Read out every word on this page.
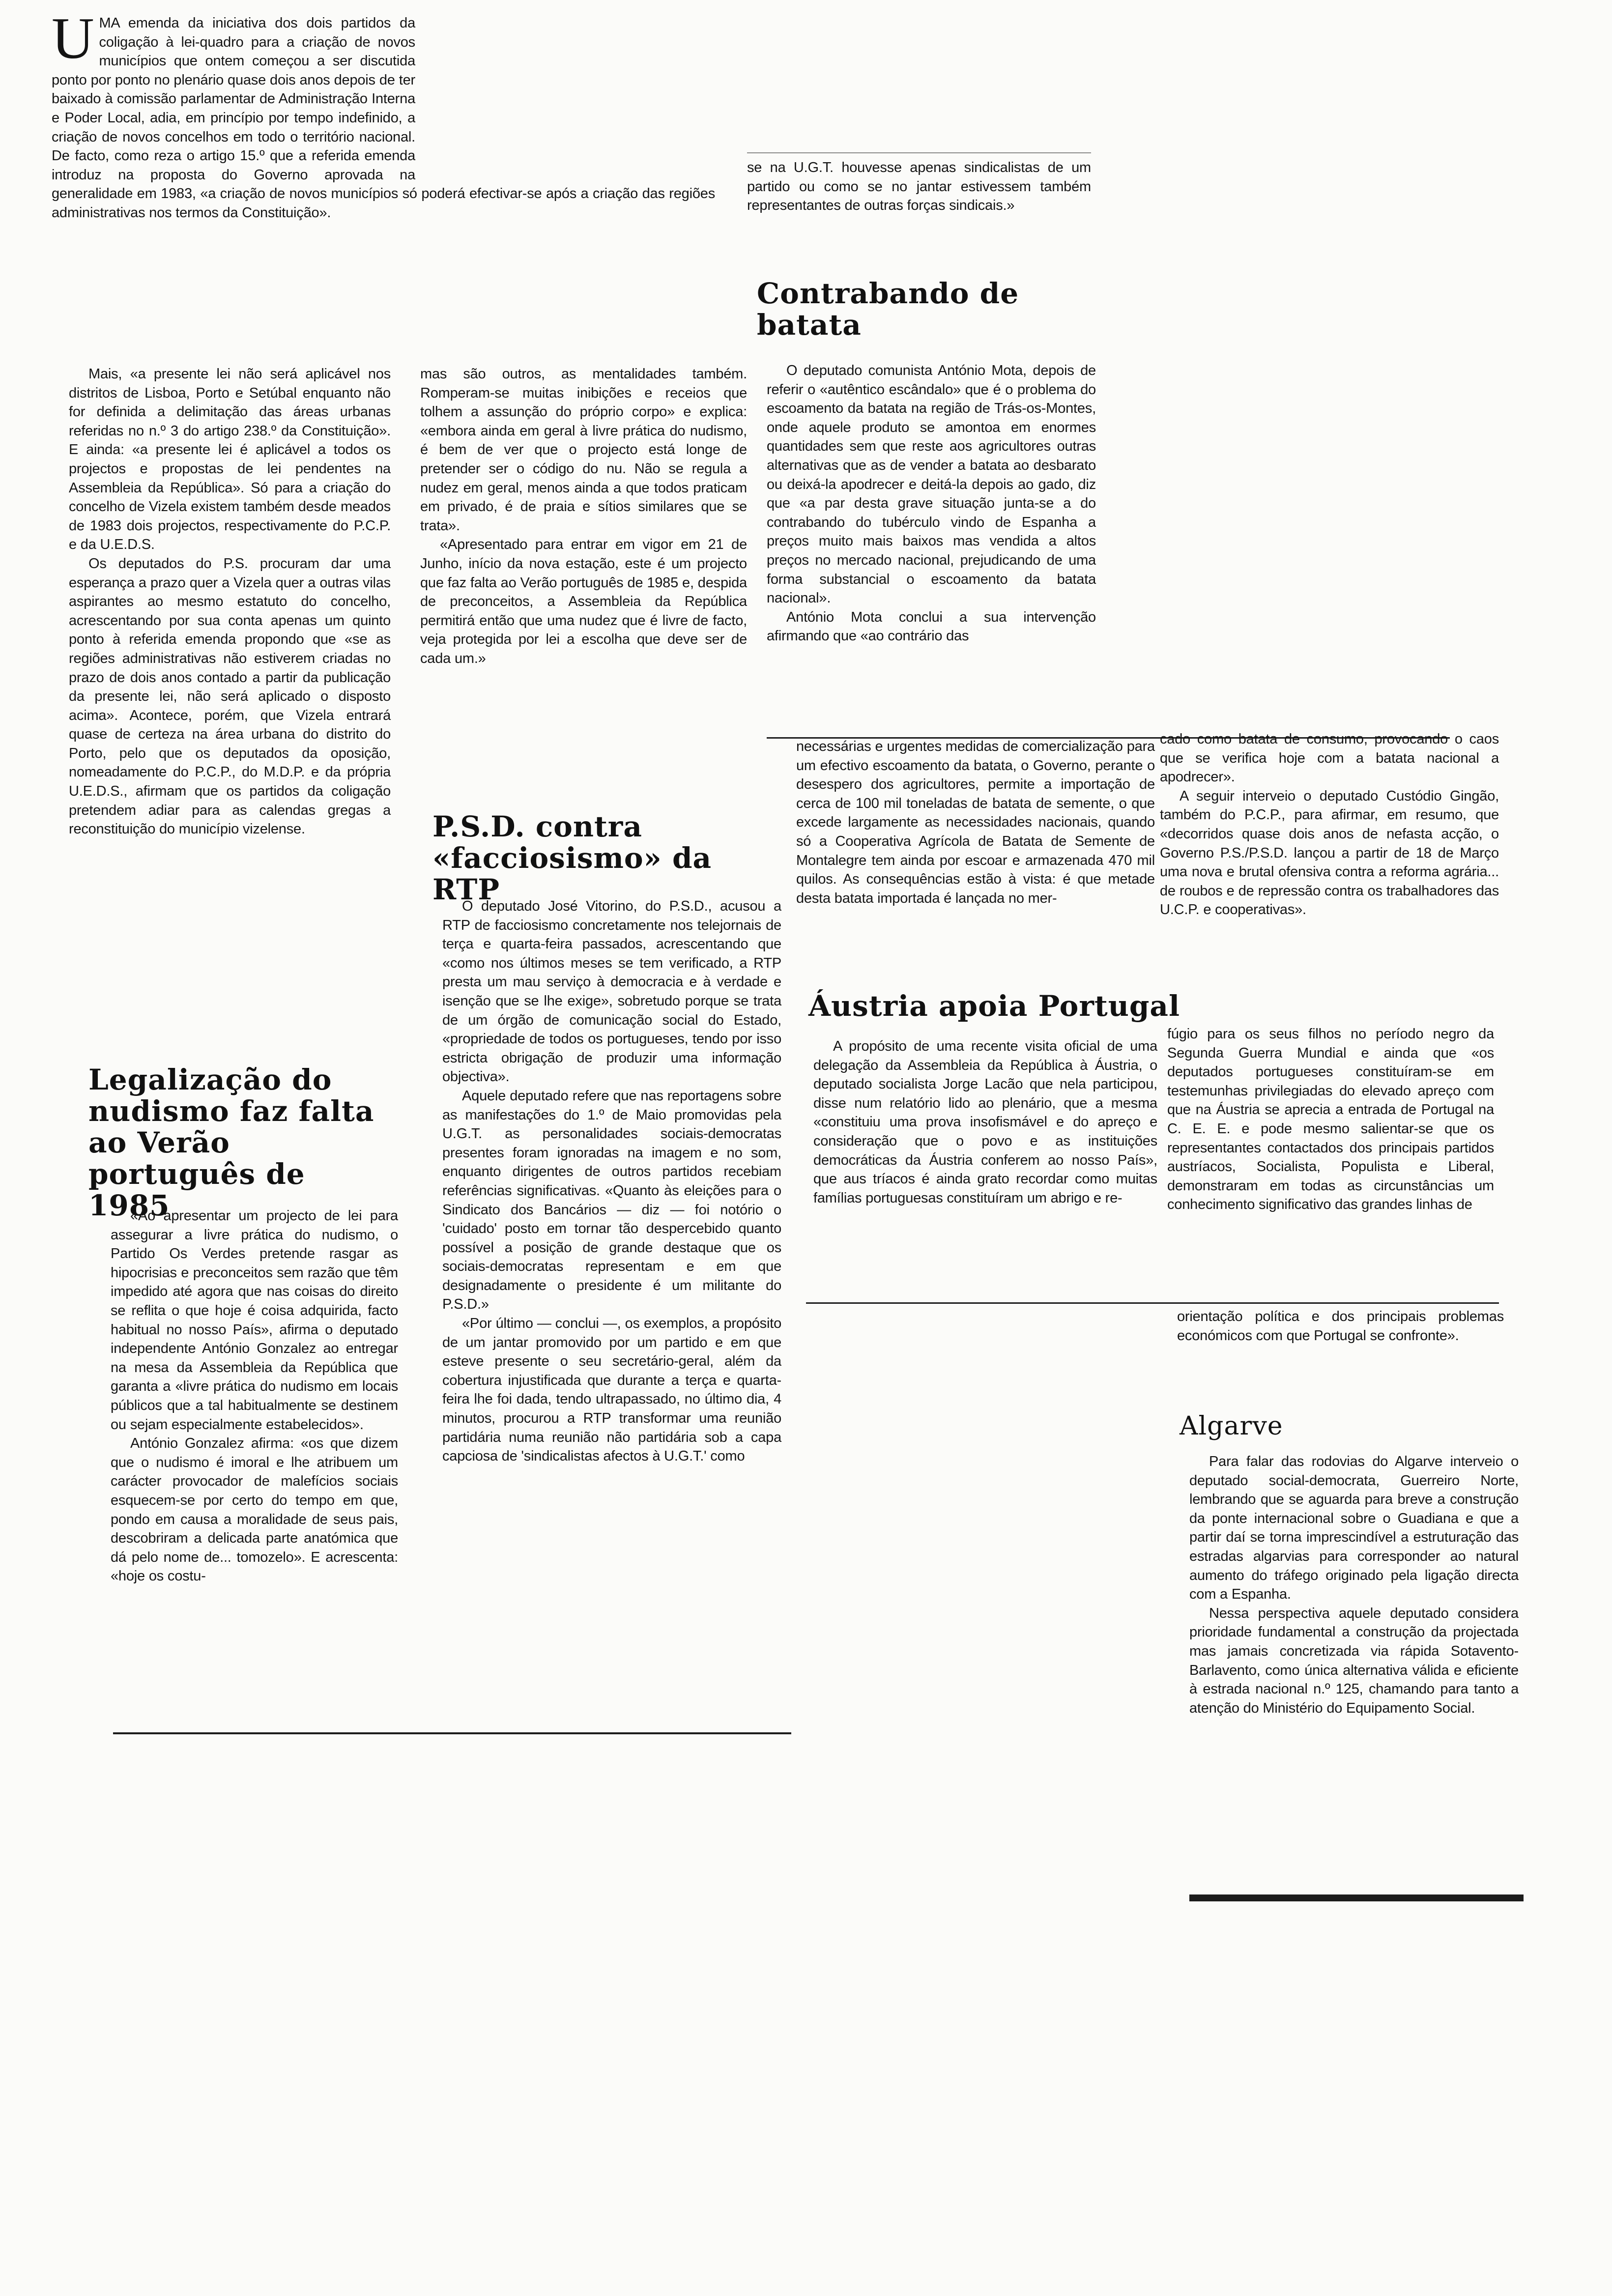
U MA emenda da iniciativa dos dois partidos da coligação à lei-quadro para a criação de novos municípios que ontem começou a ser discutida ponto por ponto no plenário quase dois anos depois de ter baixado à comissão parlamentar de Administração Interna e Poder Local, adia, em princípio por tempo indefinido, a criação de novos concelhos em todo o território nacional. De facto, como reza o artigo 15.º que a referida emenda introduz na proposta do Governo aprovada na generalidade em 1983, «a criação de novos municípios só poderá efectivar-se após a criação das regiões administrativas nos termos da Constituição».

Mais, «a presente lei não será aplicável nos distritos de Lisboa, Porto e Setúbal enquanto não for definida a delimitação das áreas urbanas referidas no n.º 3 do artigo 238.º da Constituição». E ainda: «a presente lei é aplicável a todos os projectos e propostas de lei pendentes na Assembleia da República». Só para a criação do concelho de Vizela existem também desde meados de 1983 dois projectos, respectivamente do P.C.P. e da U.E.D.S.

Os deputados do P.S. procuram dar uma esperança a prazo quer a Vizela quer a outras vilas aspirantes ao mesmo estatuto do concelho, acrescentando por sua conta apenas um quinto ponto à referida emenda propondo que «se as regiões administrativas não estiverem criadas no prazo de dois anos contado a partir da publicação da presente lei, não será aplicado o disposto acima». Acontece, porém, que Vizela entrará quase de certeza na área urbana do distrito do Porto, pelo que os deputados da oposição, nomeadamente do P.C.P., do M.D.P. e da própria U.E.D.S., afirmam que os partidos da coligação pretendem adiar para as calendas gregas a reconstituição do município vizelense.

Legalização do nudismo faz falta ao Verão português de 1985

«Ao apresentar um projecto de lei para assegurar a livre prática do nudismo, o Partido Os Verdes pretende rasgar as hipocrisias e preconceitos sem razão que têm impedido até agora que nas coisas do direito se reflita o que hoje é coisa adquirida, facto habitual no nosso País», afirma o deputado independente António Gonzalez ao entregar na mesa da Assembleia da República que garanta a «livre prática do nudismo em locais públicos que a tal habitualmente se destinem ou sejam especialmente estabelecidos».

António Gonzalez afirma: «os que dizem que o nudismo é imoral e lhe atribuem um carácter provocador de malefícios sociais esquecem-se por certo do tempo em que, pondo em causa a moralidade de seus pais, descobriram a delicada parte anatómica que dá pelo nome de... tomozelo». E acrescenta: «hoje os costu-

mas são outros, as mentalidades também. Romperam-se muitas inibições e receios que tolhem a assunção do próprio corpo» e explica: «embora ainda em geral à livre prática do nudismo, é bem de ver que o projecto está longe de pretender ser o código do nu. Não se regula a nudez em geral, menos ainda a que todos praticam em privado, é de praia e sítios similares que se trata».

«Apresentado para entrar em vigor em 21 de Junho, início da nova estação, este é um projecto que faz falta ao Verão português de 1985 e, despida de preconceitos, a Assembleia da República permitirá então que uma nudez que é livre de facto, veja protegida por lei a escolha que deve ser de cada um.»

P.S.D. contra «facciosismo» da RTP

O deputado José Vitorino, do P.S.D., acusou a RTP de facciosismo concretamente nos telejornais de terça e quarta-feira passados, acrescentando que «como nos últimos meses se tem verificado, a RTP presta um mau serviço à democracia e à verdade e isenção que se lhe exige», sobretudo porque se trata de um órgão de comunicação social do Estado, «propriedade de todos os portugueses, tendo por isso estricta obrigação de produzir uma informação objectiva».

Aquele deputado refere que nas reportagens sobre as manifestações do 1.º de Maio promovidas pela U.G.T. as personalidades sociais-democratas presentes foram ignoradas na imagem e no som, enquanto dirigentes de outros partidos recebiam referências significativas. «Quanto às eleições para o Sindicato dos Bancários — diz — foi notório o 'cuidado' posto em tornar tão despercebido quanto possível a posição de grande destaque que os sociais-democratas representam e em que designadamente o presidente é um militante do P.S.D.»

«Por último — conclui —, os exemplos, a propósito de um jantar promovido por um partido e em que esteve presente o seu secretário-geral, além da cobertura injustificada que durante a terça e quarta-feira lhe foi dada, tendo ultrapassado, no último dia, 4 minutos, procurou a RTP transformar uma reunião partidária numa reunião não partidária sob a capa capciosa de 'sindicalistas afectos à U.G.T.' como

se na U.G.T. houvesse apenas sindicalistas de um partido ou como se no jantar estivessem também representantes de outras forças sindicais.»

Contrabando de batata

O deputado comunista António Mota, depois de referir o «autêntico escândalo» que é o problema do escoamento da batata na região de Trás-os-Montes, onde aquele produto se amontoa em enormes quantidades sem que reste aos agricultores outras alternativas que as de vender a batata ao desbarato ou deixá-la apodrecer e deitá-la depois ao gado, diz que «a par desta grave situação junta-se a do contrabando do tubérculo vindo de Espanha a preços muito mais baixos mas vendida a altos preços no mercado nacional, prejudicando de uma forma substancial o escoamento da batata nacional».

António Mota conclui a sua intervenção afirmando que «ao contrário das

necessárias e urgentes medidas de comercialização para um efectivo escoamento da batata, o Governo, perante o desespero dos agricultores, permite a importação de cerca de 100 mil toneladas de batata de semente, o que excede largamente as necessidades nacionais, quando só a Cooperativa Agrícola de Batata de Semente de Montalegre tem ainda por escoar e armazenada 470 mil quilos. As consequências estão à vista: é que metade desta batata importada é lançada no mer-

cado como batata de consumo, provocando o caos que se verifica hoje com a batata nacional a apodrecer».

A seguir interveio o deputado Custódio Gingão, também do P.C.P., para afirmar, em resumo, que «decorridos quase dois anos de nefasta acção, o Governo P.S./P.S.D. lançou a partir de 18 de Março uma nova e brutal ofensiva contra a reforma agrária... de roubos e de repressão contra os trabalhadores das U.C.P. e cooperativas».

Áustria apoia Portugal

A propósito de uma recente visita oficial de uma delegação da Assembleia da República à Áustria, o deputado socialista Jorge Lacão que nela participou, disse num relatório lido ao plenário, que a mesma «constituiu uma prova insofismável e do apreço e consideração que o povo e as instituições democráticas da Áustria conferem ao nosso País», que aus tríacos é ainda grato recordar como muitas famílias portuguesas constituíram um abrigo e re-

fúgio para os seus filhos no período negro da Segunda Guerra Mundial e ainda que «os deputados portugueses constituíram-se em testemunhas privilegiadas do elevado apreço com que na Áustria se aprecia a entrada de Portugal na C. E. E. e pode mesmo salientar-se que os representantes contactados dos principais partidos austríacos, Socialista, Populista e Liberal, demonstraram em todas as circunstâncias um conhecimento significativo das grandes linhas de

orientação política e dos principais problemas económicos com que Portugal se confronte».

Algarve

Para falar das rodovias do Algarve interveio o deputado social-democrata, Guerreiro Norte, lembrando que se aguarda para breve a construção da ponte internacional sobre o Guadiana e que a partir daí se torna imprescindível a estruturação das estradas algarvias para corresponder ao natural aumento do tráfego originado pela ligação directa com a Espanha.

Nessa perspectiva aquele deputado considera prioridade fundamental a construção da projectada mas jamais concretizada via rápida Sotavento-Barlavento, como única alternativa válida e eficiente à estrada nacional n.º 125, chamando para tanto a atenção do Ministério do Equipamento Social.
